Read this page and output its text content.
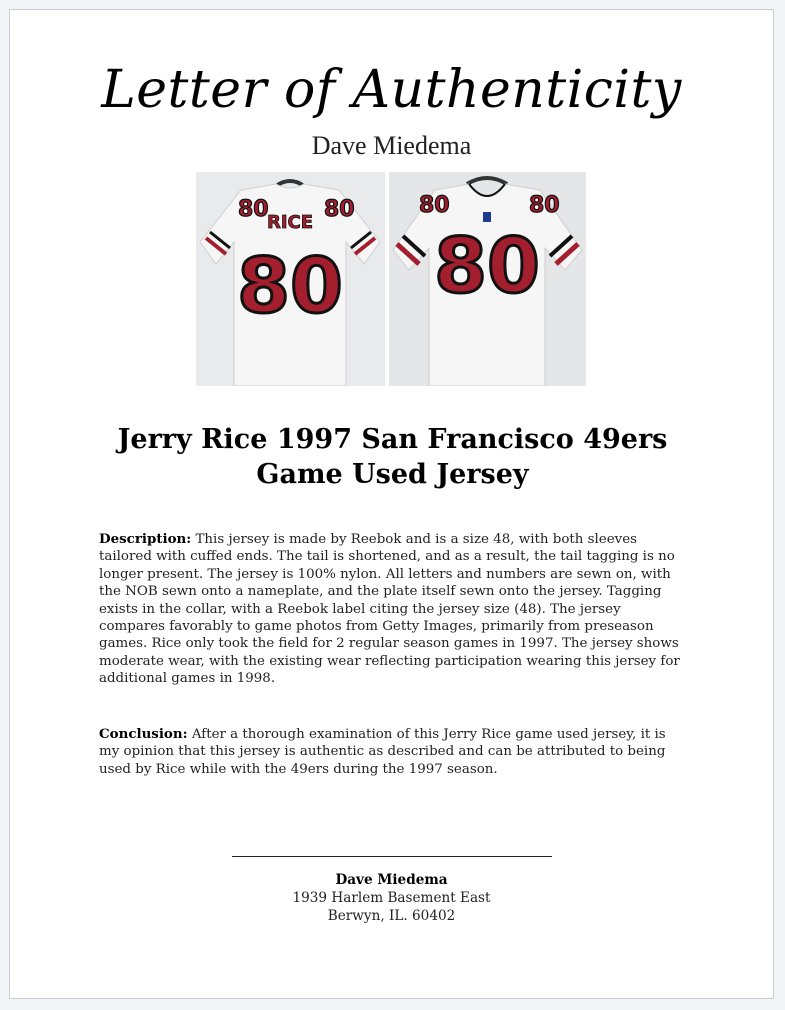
Letter of Authenticity
Dave Miedema
80	80
RICE
80
80	80
80
Jerry Rice 1997 San Francisco 49ers
Game Used Jersey
Description: This jersey is made by Reebok and is a size 48, with both sleeves tailored with cuffed ends. The tail is shortened, and as a result, the tail tagging is no longer present. The jersey is 100% nylon. All letters and numbers are sewn on, with the NOB sewn onto a nameplate, and the plate itself sewn onto the jersey. Tagging exists in the collar, with a Reebok label citing the jersey size (48). The jersey compares favorably to game photos from Getty Images, primarily from preseason games. Rice only took the field for 2 regular season games in 1997. The jersey shows moderate wear, with the existing wear reflecting participation wearing this jersey for additional games in 1998.
Conclusion: After a thorough examination of this Jerry Rice game used jersey, it is my opinion that this jersey is authentic as described and can be attributed to being used by Rice while with the 49ers during the 1997 season.
Dave Miedema
1939 Harlem Basement East
Berwyn, IL. 60402
